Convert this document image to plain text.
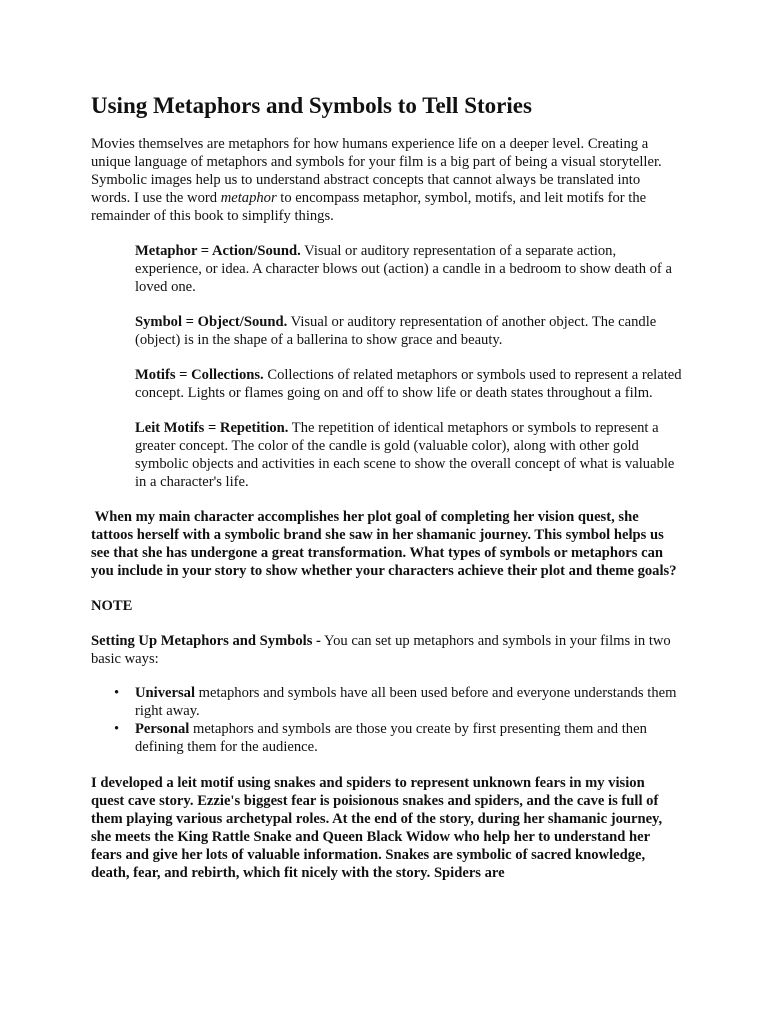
Using Metaphors and Symbols to Tell Stories

Movies themselves are metaphors for how humans experience life on a deeper level. Creating a unique language of metaphors and symbols for your film is a big part of being a visual storyteller. Symbolic images help us to understand abstract concepts that cannot always be translated into words. I use the word metaphor to encompass metaphor, symbol, motifs, and leit motifs for the remainder of this book to simplify things.

Metaphor = Action/Sound. Visual or auditory representation of a separate action, experience, or idea. A character blows out (action) a candle in a bedroom to show death of a loved one.

Symbol = Object/Sound. Visual or auditory representation of another object. The candle (object) is in the shape of a ballerina to show grace and beauty.

Motifs = Collections. Collections of related metaphors or symbols used to represent a related concept. Lights or flames going on and off to show life or death states throughout a film.

Leit Motifs = Repetition. The repetition of identical metaphors or symbols to represent a greater concept. The color of the candle is gold (valuable color), along with other gold symbolic objects and activities in each scene to show the overall concept of what is valuable in a character's life.

When my main character accomplishes her plot goal of completing her vision quest, she tattoos herself with a symbolic brand she saw in her shamanic journey. This symbol helps us see that she has undergone a great transformation. What types of symbols or metaphors can you include in your story to show whether your characters achieve their plot and theme goals?

NOTE

Setting Up Metaphors and Symbols - You can set up metaphors and symbols in your films in two basic ways:

• Universal metaphors and symbols have all been used before and everyone understands them right away.
• Personal metaphors and symbols are those you create by first presenting them and then defining them for the audience.

I developed a leit motif using snakes and spiders to represent unknown fears in my vision quest cave story. Ezzie's biggest fear is poisionous snakes and spiders, and the cave is full of them playing various archetypal roles. At the end of the story, during her shamanic journey, she meets the King Rattle Snake and Queen Black Widow who help her to understand her fears and give her lots of valuable information. Snakes are symbolic of sacred knowledge, death, fear, and rebirth, which fit nicely with the story. Spiders are
